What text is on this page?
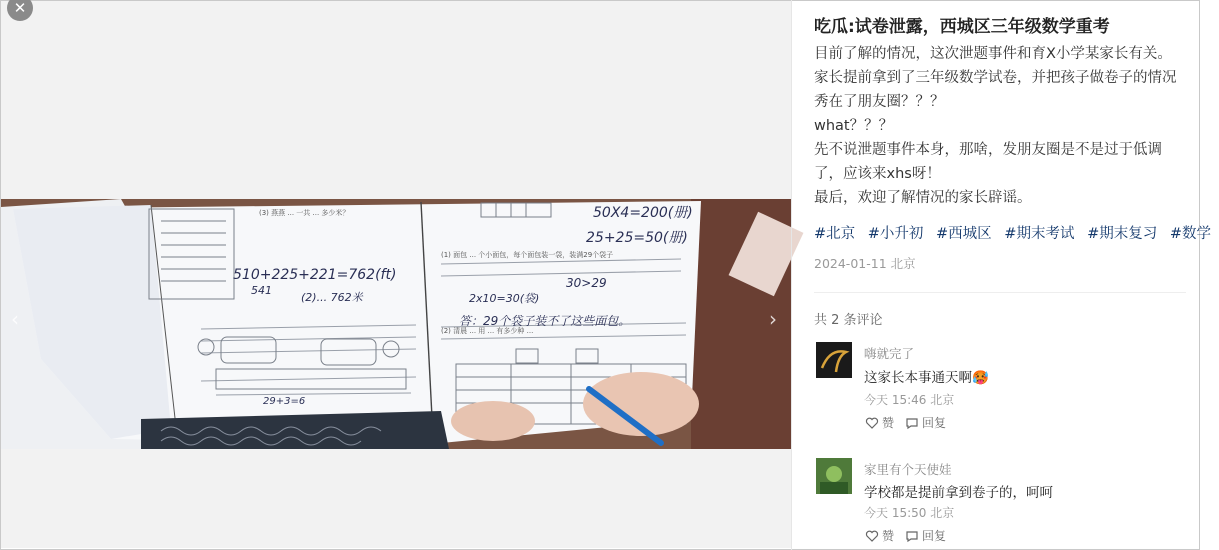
✕
510+225+221=762(ft)
541
(2)... 762米
50X4=200(册)
25+25=50(册)
30>29
2x10=30(袋)
答：29个袋子装不了这些面包。
29+3=6
(3) 燕燕 ... 一共 ... 多少米？
(1) 面包 ... 个小面包，每个面包装一袋，装满29个袋子
(2) 清晨 ... 用 ... 有多少种 ...
‹	›
吃瓜:试卷泄露，西城区三年级数学重考

目前了解的情况，这次泄题事件和育X小学某家长有关。

家长提前拿到了三年级数学试卷，并把孩子做卷子的情况秀在了朋友圈？？？

what？？？

先不说泄题事件本身，那啥，发朋友圈是不是过于低调了，应该来xhs呀！

最后，欢迎了解情况的家长辟谣。

#北京 #小升初 #西城区 #期末考试 #期末复习 #数学
2024-01-11 北京
共 2 条评论
嗨就完了
这家长本事通天啊🥵
今天 15:46 北京
赞 回复
家里有个天使娃
学校都是提前拿到卷子的，呵呵
今天 15:50 北京
赞 回复
